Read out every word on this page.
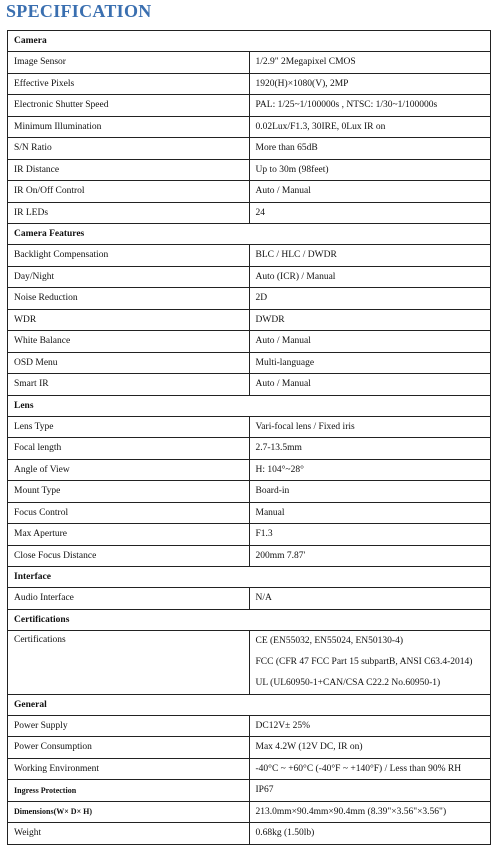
SPECIFICATION
Camera	
Image Sensor	1/2.9" 2Megapixel CMOS
Effective Pixels	1920(H)×1080(V), 2MP
Electronic Shutter Speed	PAL: 1/25~1/100000s , NTSC: 1/30~1/100000s
Minimum Illumination	0.02Lux/F1.3, 30IRE, 0Lux IR on
S/N Ratio	More than 65dB
IR Distance	Up to 30m (98feet)
IR On/Off Control	Auto / Manual
IR LEDs	24
Camera Features	
Backlight Compensation	BLC / HLC / DWDR
Day/Night	Auto (ICR) / Manual
Noise Reduction	2D
WDR	DWDR
White Balance	Auto / Manual
OSD Menu	Multi-language
Smart IR	Auto / Manual
Lens	
Lens Type	Vari-focal lens / Fixed iris
Focal length	2.7-13.5mm
Angle of View	H: 104°~28°
Mount Type	Board-in
Focus Control	Manual
Max Aperture	F1.3
Close Focus Distance	200mm 7.87'
Interface	
Audio Interface	N/A
Certifications	
Certifications	CE (EN55032, EN55024, EN50130-4)
FCC (CFR 47 FCC Part 15 subpartB, ANSI C63.4-2014)
UL (UL60950-1+CAN/CSA C22.2 No.60950-1)

General	
Power Supply	DC12V± 25%
Power Consumption	Max 4.2W (12V DC, IR on)
Working Environment	-40°C ~ +60°C (-40°F ~ +140°F) / Less than 90% RH
Ingress Protection	IP67
Dimensions(W× D× H)	213.0mm×90.4mm×90.4mm (8.39"×3.56"×3.56")
Weight	0.68kg (1.50lb)
